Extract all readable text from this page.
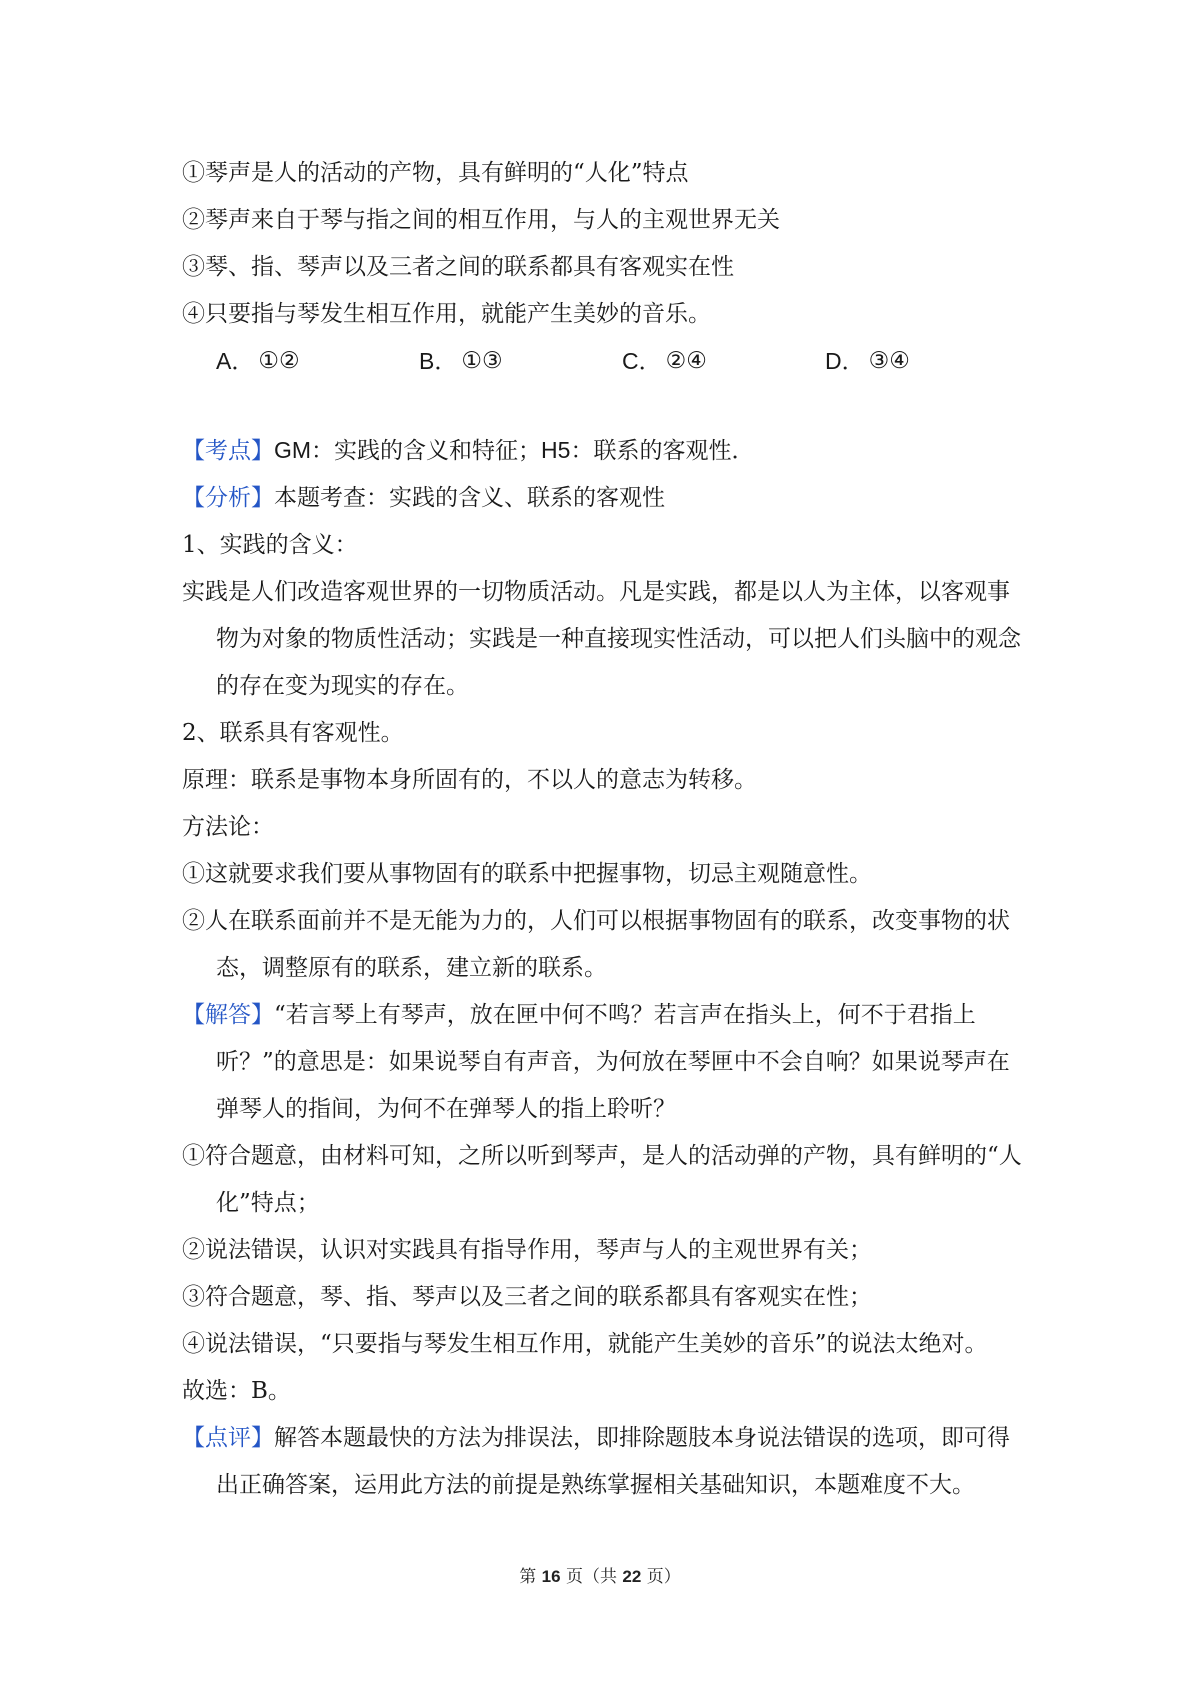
①琴声是人的活动的产物，具有鲜明的“人化”特点

②琴声来自于琴与指之间的相互作用，与人的主观世界无关

③琴、指、琴声以及三者之间的联系都具有客观实在性

④只要指与琴发生相互作用，就能产生美妙的音乐。

A． ①②	B． ①③	C． ②④	D． ③④

【考点】GM：实践的含义和特征；H5：联系的客观性．

【分析】本题考查：实践的含义、联系的客观性

1、实践的含义：

实践是人们改造客观世界的一切物质活动。凡是实践，都是以人为主体，以客观事物为对象的物质性活动；实践是一种直接现实性活动，可以把人们头脑中的观念的存在变为现实的存在。

2、联系具有客观性。

原理：联系是事物本身所固有的，不以人的意志为转移。

方法论：

①这就要求我们要从事物固有的联系中把握事物，切忌主观随意性。

②人在联系面前并不是无能为力的，人们可以根据事物固有的联系，改变事物的状态，调整原有的联系，建立新的联系。

【解答】“若言琴上有琴声，放在匣中何不鸣？若言声在指头上，何不于君指上听？”的意思是：如果说琴自有声音，为何放在琴匣中不会自响？如果说琴声在弹琴人的指间，为何不在弹琴人的指上聆听？

①符合题意，由材料可知，之所以听到琴声，是人的活动弹的产物，具有鲜明的“人化”特点；

②说法错误，认识对实践具有指导作用，琴声与人的主观世界有关；

③符合题意，琴、指、琴声以及三者之间的联系都具有客观实在性；

④说法错误，“只要指与琴发生相互作用，就能产生美妙的音乐”的说法太绝对。

故选：B。

【点评】解答本题最快的方法为排误法，即排除题肢本身说法错误的选项，即可得出正确答案，运用此方法的前提是熟练掌握相关基础知识，本题难度不大。

第 16 页（共 22 页）
